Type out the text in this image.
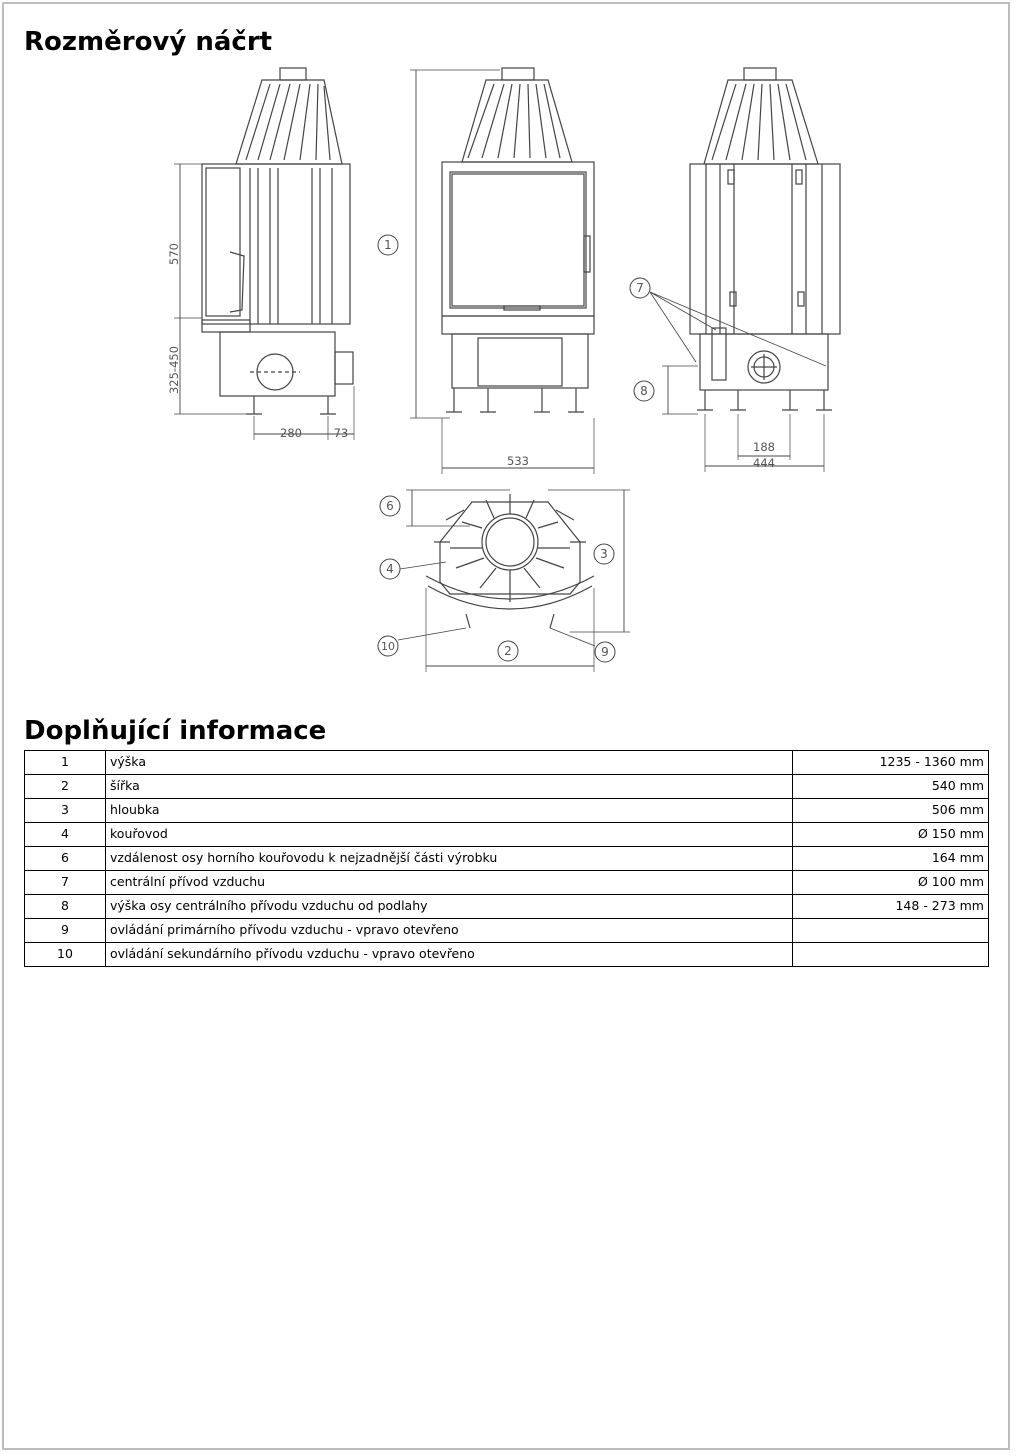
Rozměrový náčrt
570
325-450
280	73
533
188
444
1
2
3
4
6
7
8
9
10
Doplňující informace
1	výška	1235 - 1360 mm
2	šířka	540 mm
3	hloubka	506 mm
4	kouřovod	Ø 150 mm
6	vzdálenost osy horního kouřovodu k nejzadnější části výrobku	164 mm
7	centrální přívod vzduchu	Ø 100 mm
8	výška osy centrálního přívodu vzduchu od podlahy	148 - 273 mm
9	ovládání primárního přívodu vzduchu - vpravo otevřeno	
10	ovládání sekundárního přívodu vzduchu - vpravo otevřeno	
